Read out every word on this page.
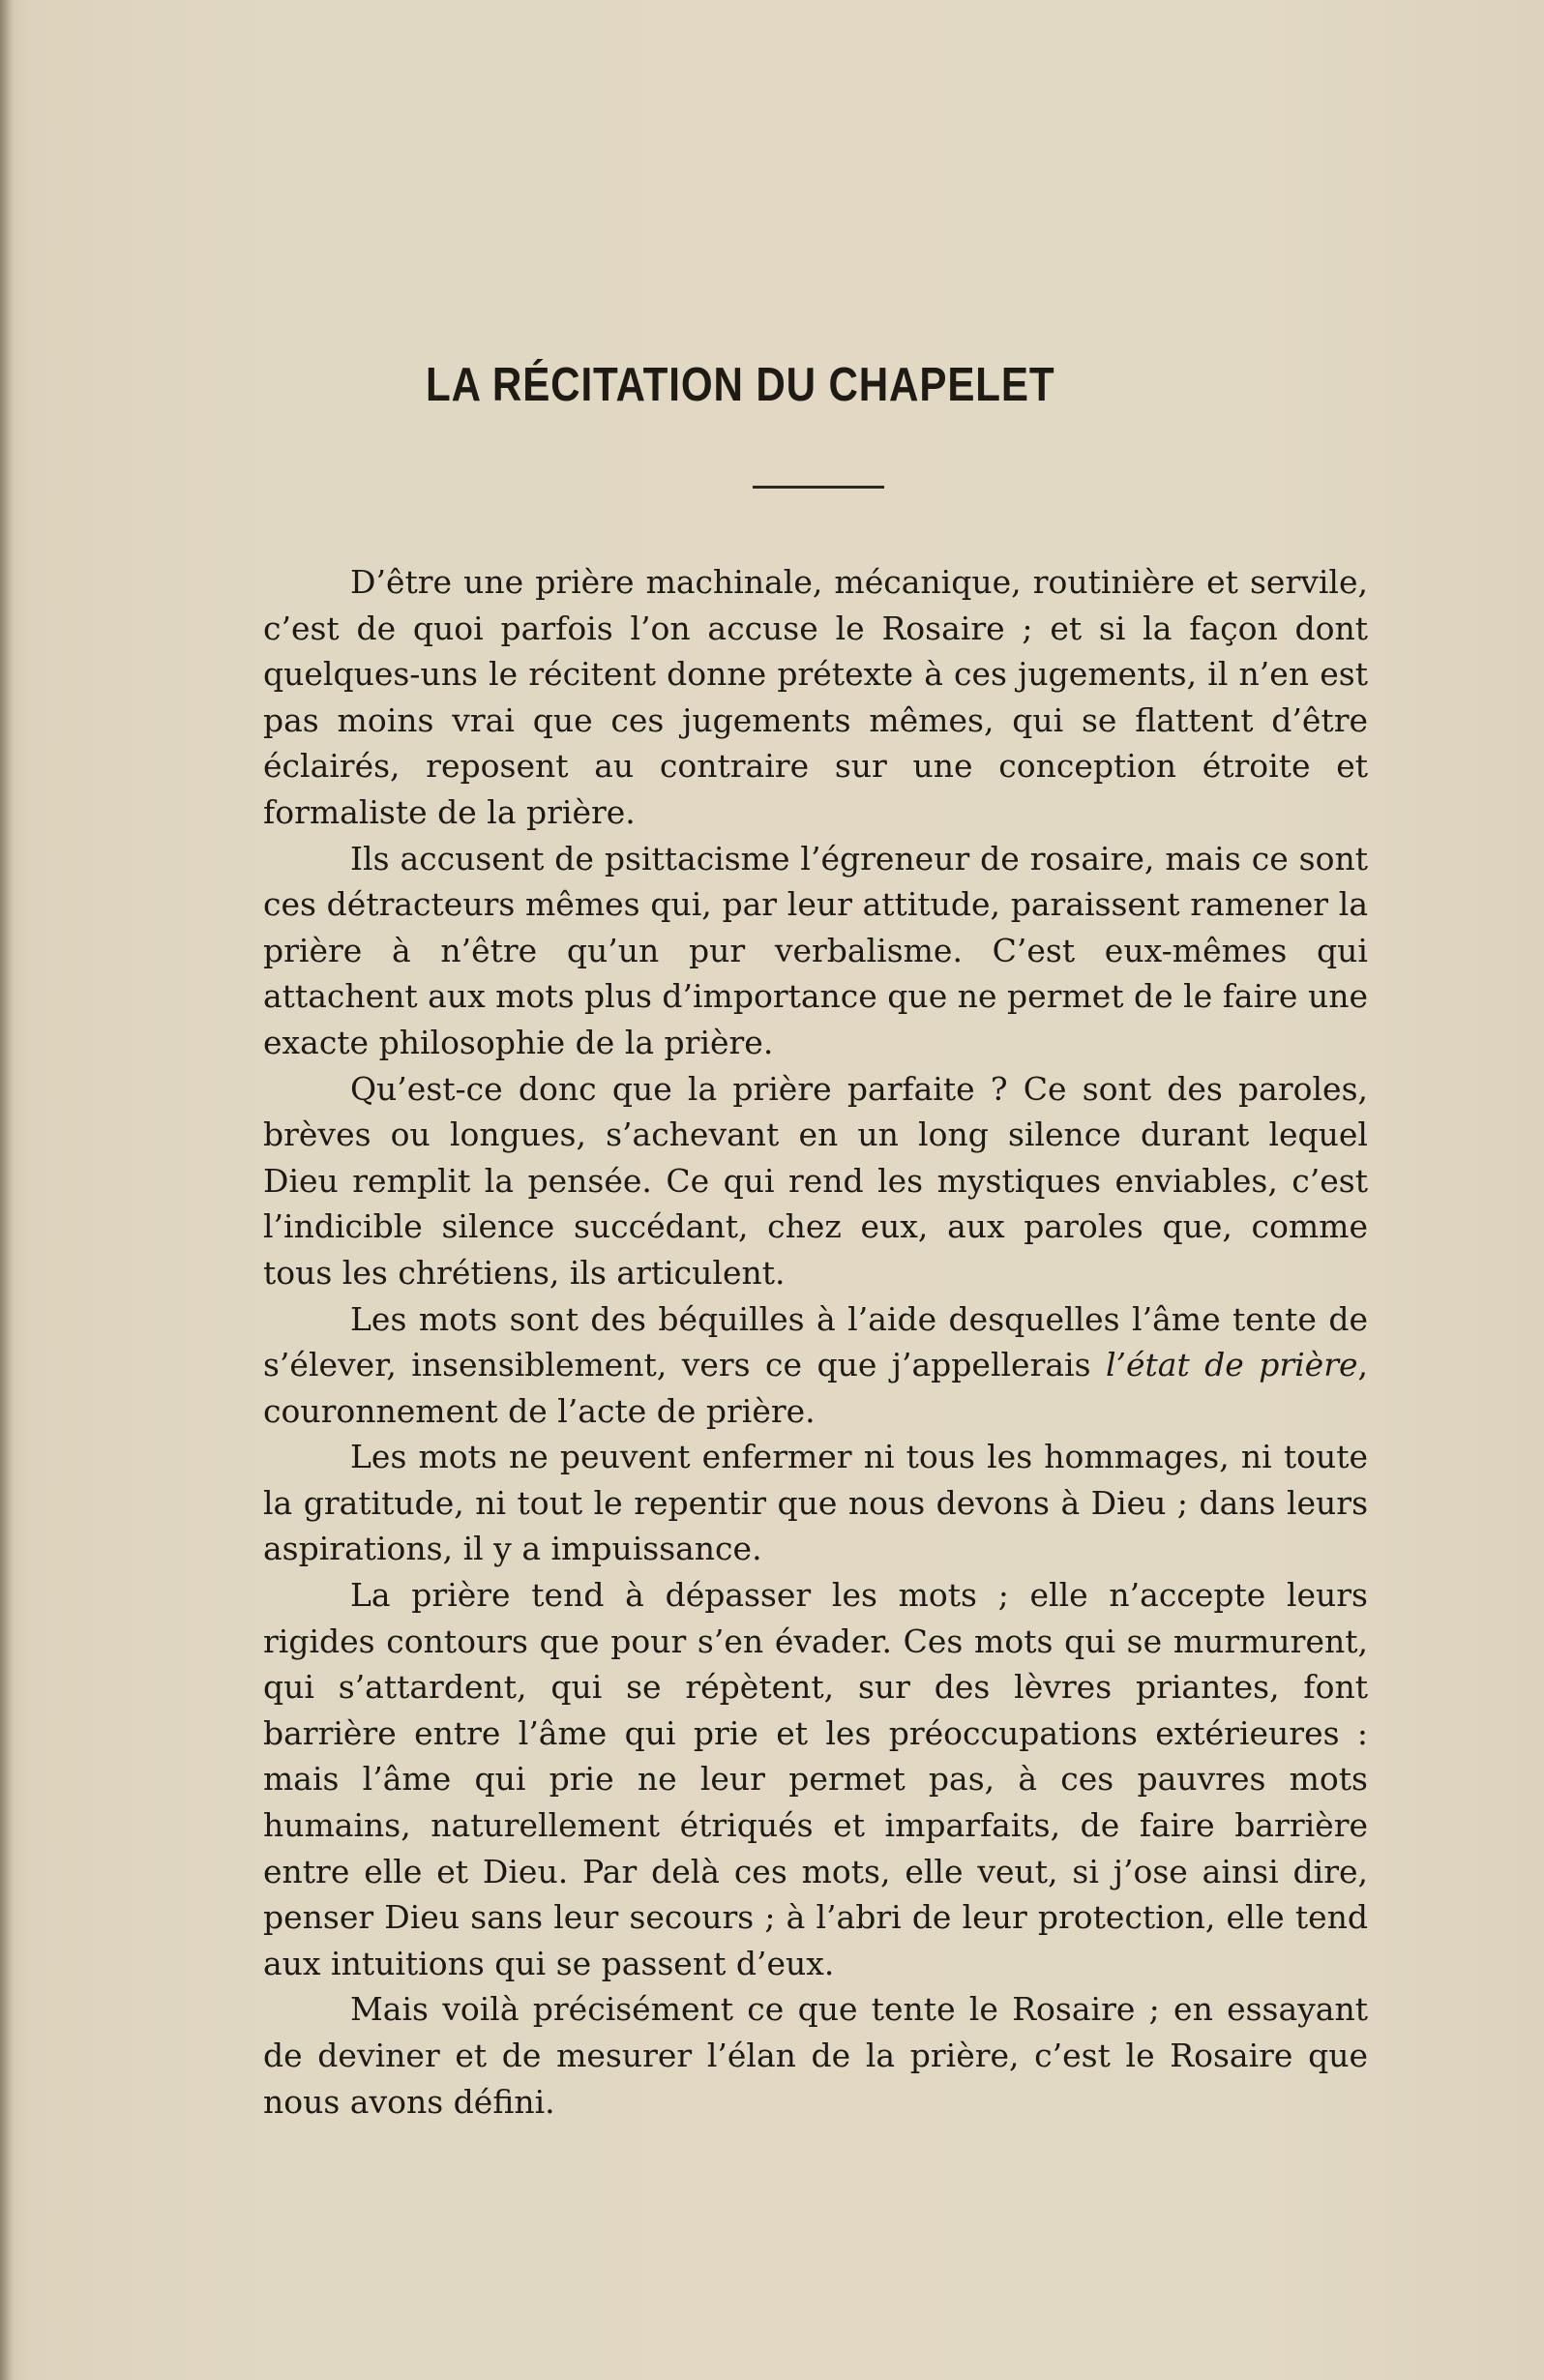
LA RÉCITATION DU CHAPELET

D’être une prière machinale, mécanique, routinière et servile, c’est de quoi parfois l’on accuse le Rosaire ; et si la façon dont quelques-uns le récitent donne prétexte à ces jugements, il n’en est pas moins vrai que ces jugements mêmes, qui se flattent d’être éclairés, reposent au contraire sur une conception étroite et formaliste de la prière.

Ils accusent de psittacisme l’égreneur de rosaire, mais ce sont ces détracteurs mêmes qui, par leur attitude, paraissent ramener la prière à n’être qu’un pur verbalisme. C’est eux-mêmes qui attachent aux mots plus d’importance que ne permet de le faire une exacte philosophie de la prière.

Qu’est-ce donc que la prière parfaite ? Ce sont des paroles, brèves ou longues, s’achevant en un long silence durant lequel Dieu remplit la pensée. Ce qui rend les mystiques enviables, c’est l’indicible silence succédant, chez eux, aux paroles que, comme tous les chrétiens, ils articulent.

Les mots sont des béquilles à l’aide desquelles l’âme tente de s’élever, insensiblement, vers ce que j’appellerais l’état de prière, couronnement de l’acte de prière.

Les mots ne peuvent enfermer ni tous les hommages, ni toute la gratitude, ni tout le repentir que nous devons à Dieu ; dans leurs aspirations, il y a impuissance.

La prière tend à dépasser les mots ; elle n’accepte leurs rigides contours que pour s’en évader. Ces mots qui se murmurent, qui s’attardent, qui se répètent, sur des lèvres priantes, font barrière entre l’âme qui prie et les préoccupations extérieures : mais l’âme qui prie ne leur permet pas, à ces pauvres mots humains, naturellement étriqués et imparfaits, de faire barrière entre elle et Dieu. Par delà ces mots, elle veut, si j’ose ainsi dire, penser Dieu sans leur secours ; à l’abri de leur protection, elle tend aux intuitions qui se passent d’eux.

Mais voilà précisément ce que tente le Rosaire ; en essayant de deviner et de mesurer l’élan de la prière, c’est le Rosaire que nous avons défini.
